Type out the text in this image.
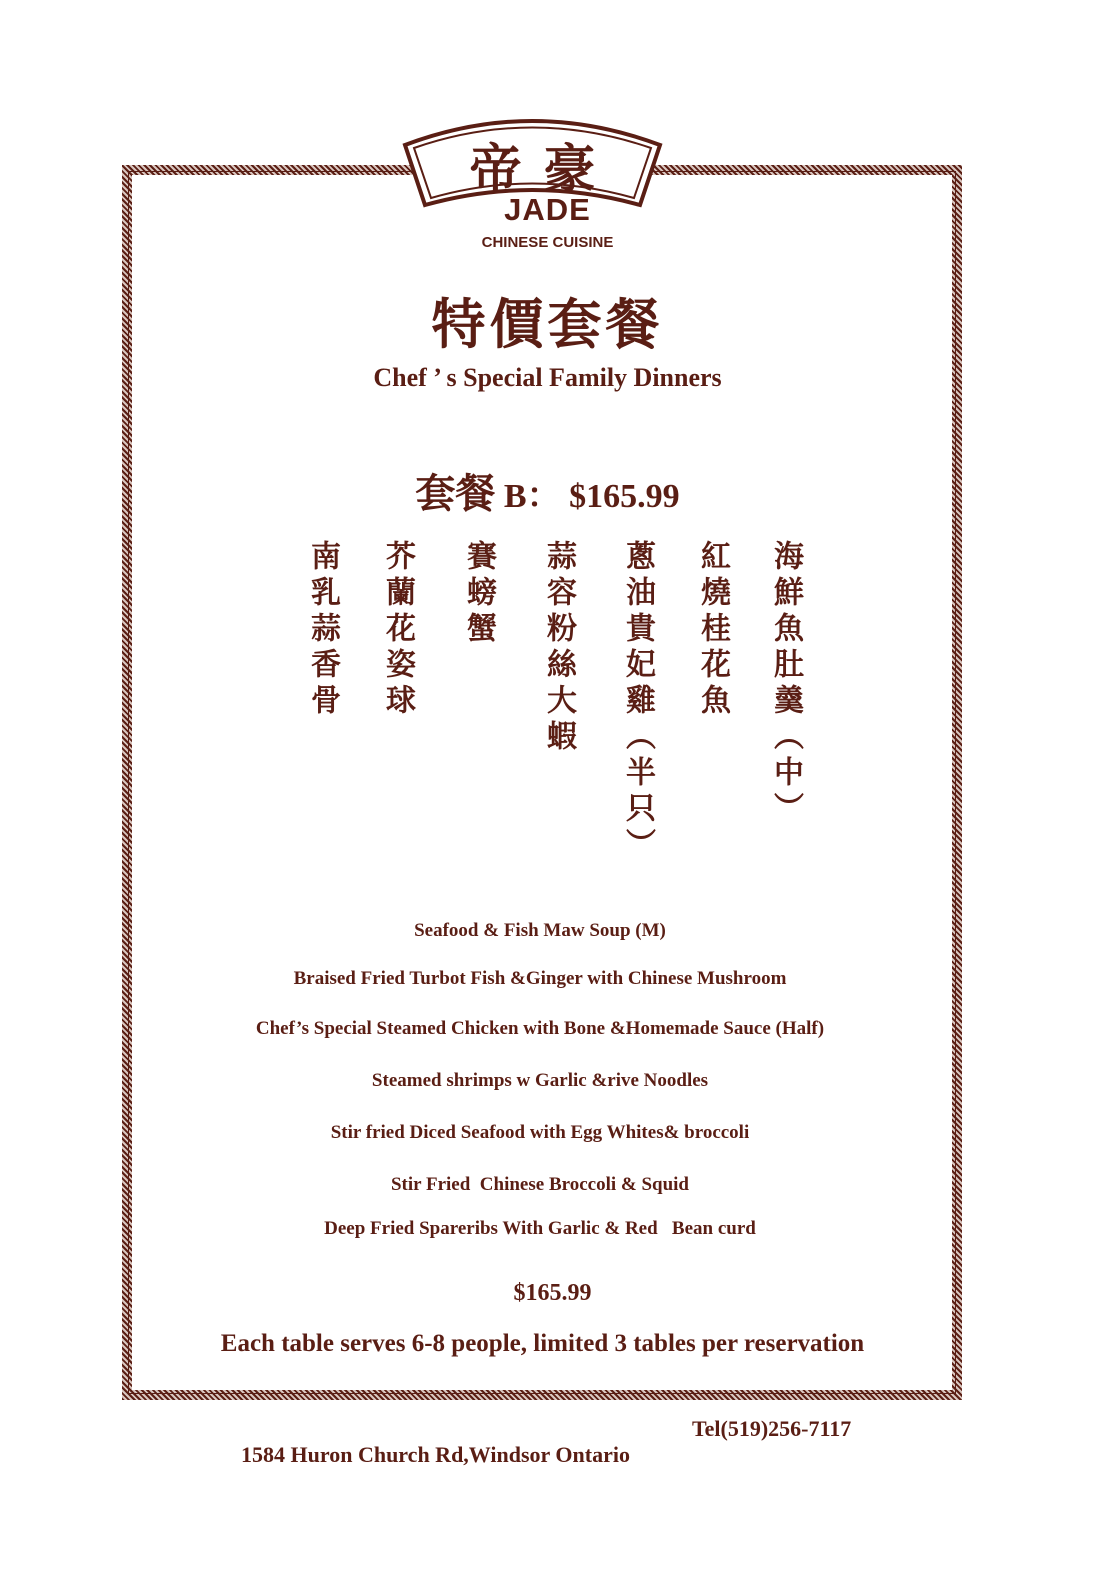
帝豪
JADE
CHINESE CUISINE
特價套餐
Chef ’ s Special Family Dinners
套餐 B： $165.99
海鮮魚肚羹（中）
紅燒桂花魚
蔥油貴妃雞（半只）
蒜容粉絲大蝦
賽螃蟹
芥蘭花姿球
南乳蒜香骨
Seafood & Fish Maw Soup (M)
Braised Fried Turbot Fish &Ginger with Chinese Mushroom
Chef’s Special Steamed Chicken with Bone &Homemade Sauce (Half)
Steamed shrimps w Garlic &rive Noodles
Stir fried Diced Seafood with Egg Whites& broccoli
Stir Fried  Chinese Broccoli & Squid
Deep Fried Spareribs With Garlic & Red   Bean curd
$165.99
Each table serves 6-8 people, limited 3 tables per reservation

1584 Huron Church Rd,Windsor Ontario

Tel(519)256-7117
